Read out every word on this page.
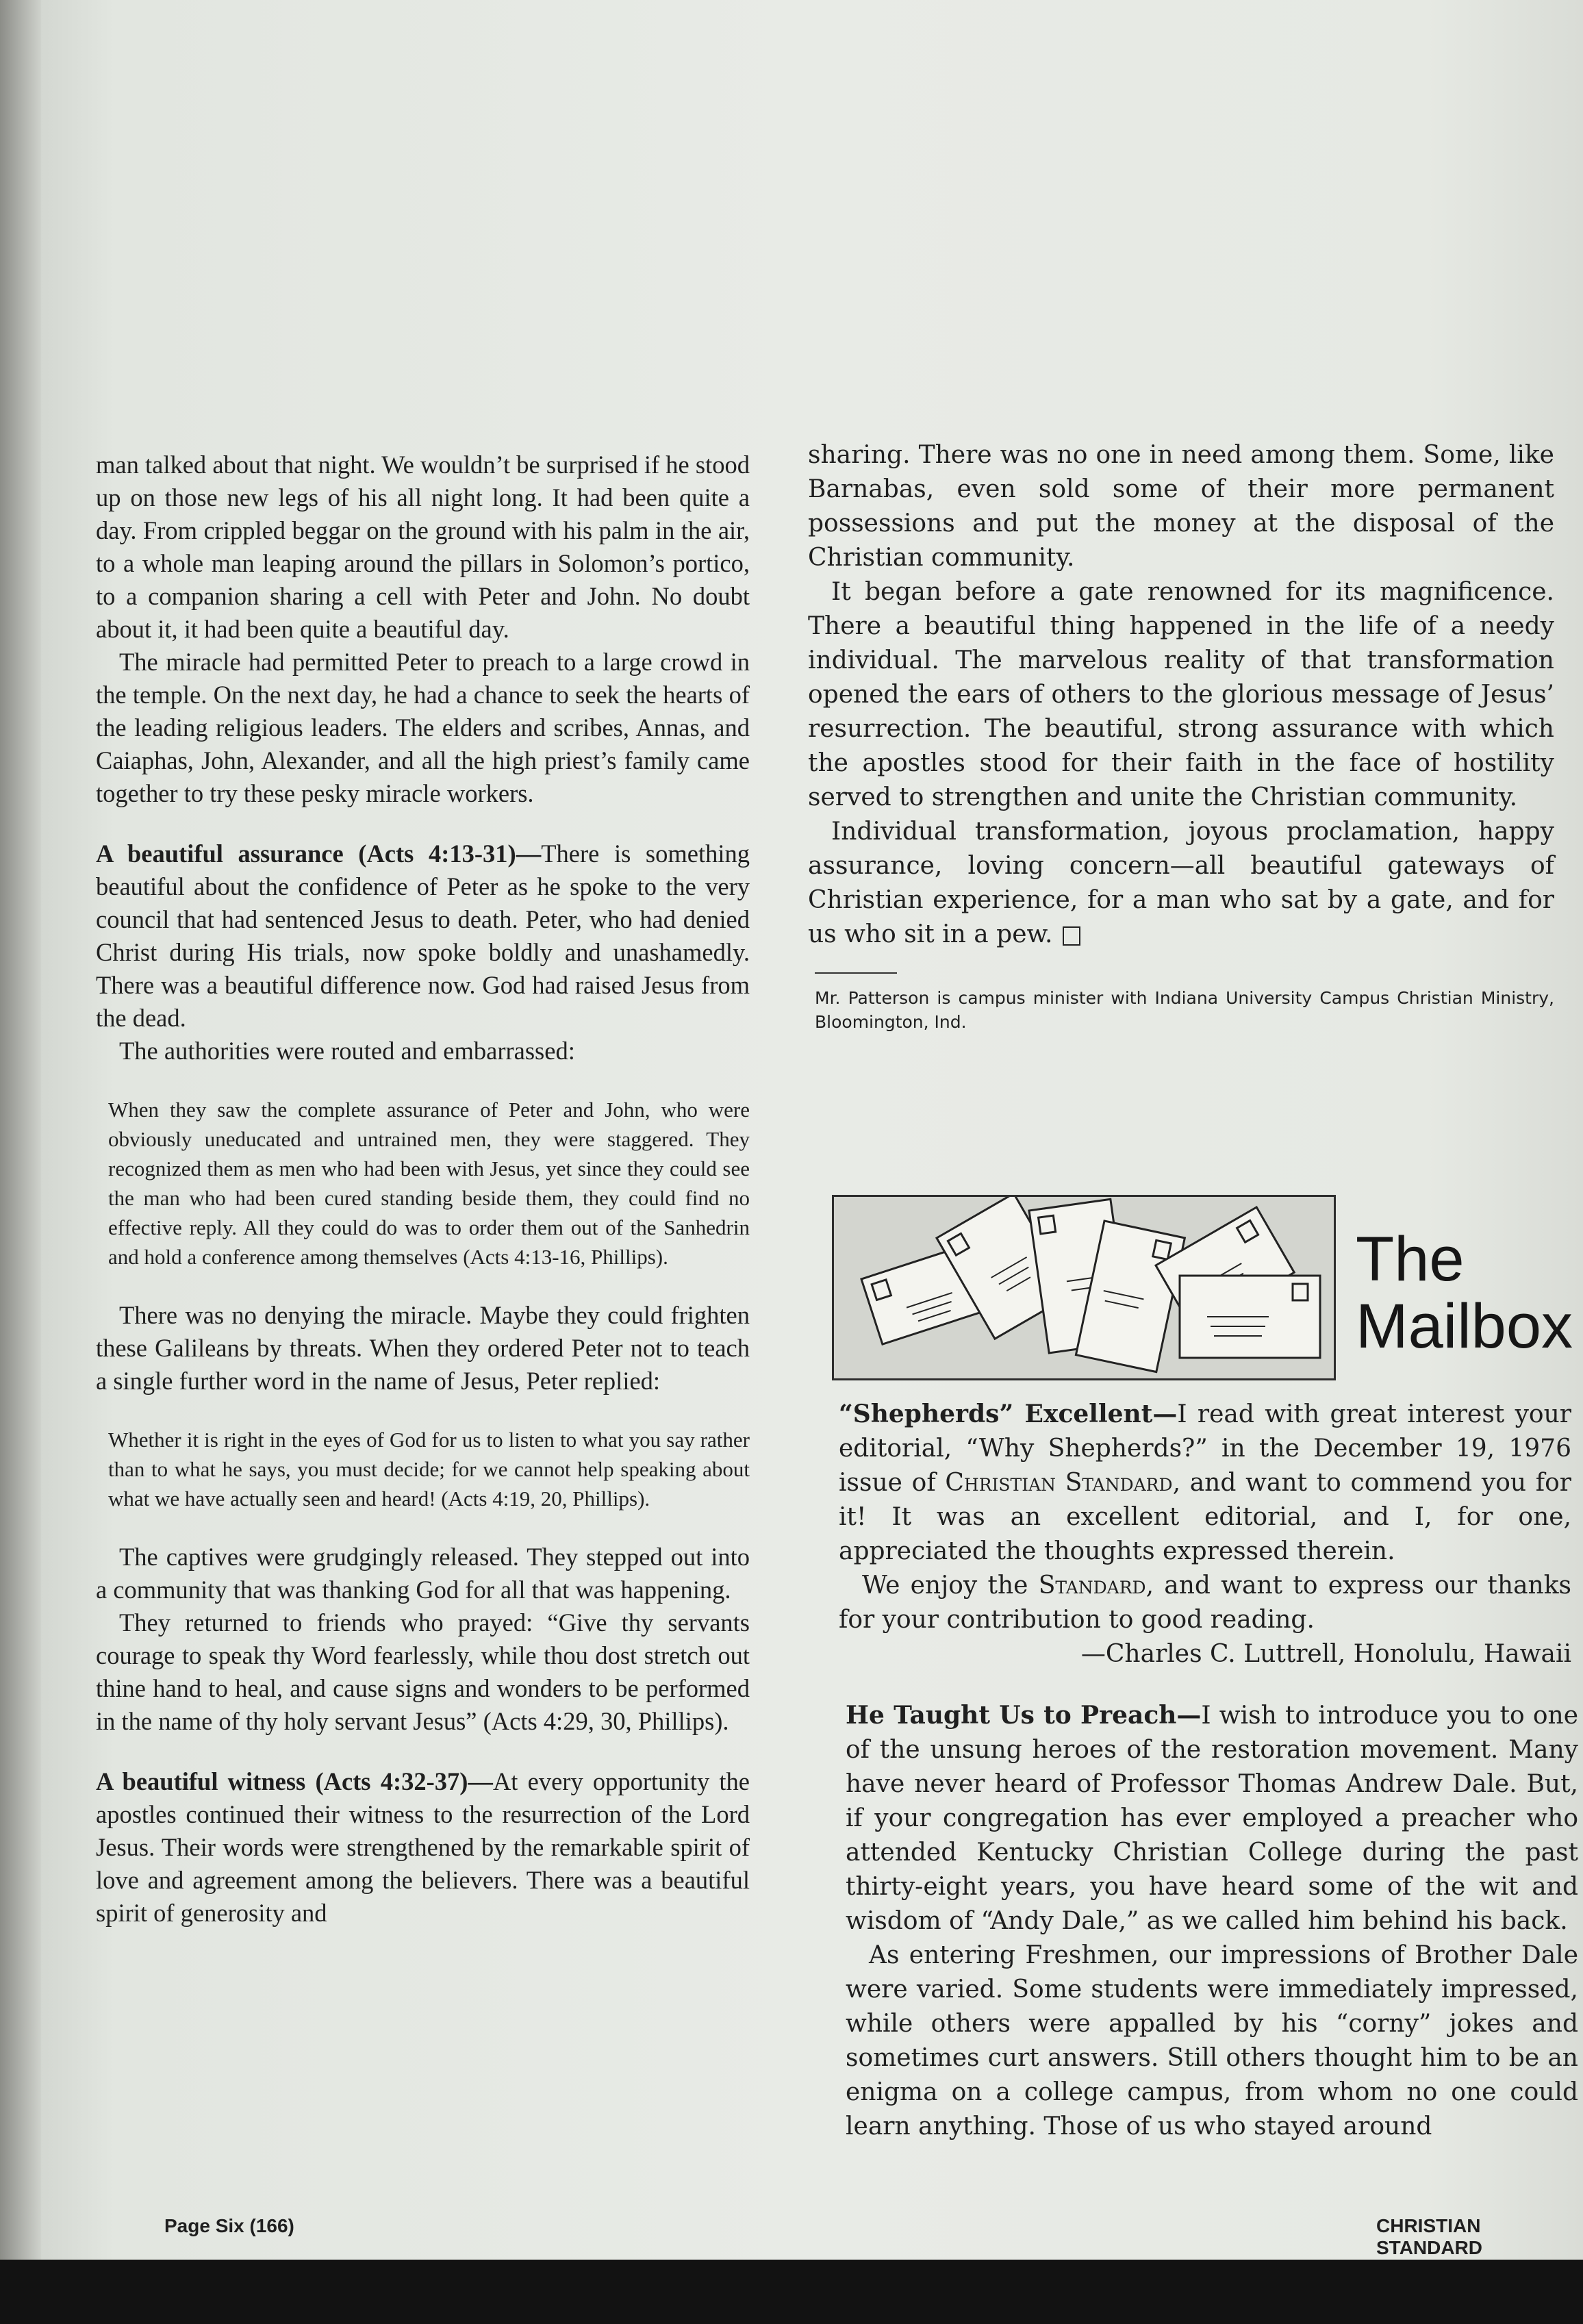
man talked about that night. We wouldn’t be surprised if he stood up on those new legs of his all night long. It had been quite a day. From crippled beggar on the ground with his palm in the air, to a whole man leaping around the pillars in Solomon’s portico, to a companion sharing a cell with Peter and John. No doubt about it, it had been quite a beautiful day.

The miracle had permitted Peter to preach to a large crowd in the temple. On the next day, he had a chance to seek the hearts of the leading religious leaders. The elders and scribes, Annas, and Caiaphas, John, Alexander, and all the high priest’s family came together to try these pesky miracle workers.

A beautiful assurance (Acts 4:13-31)—There is something beautiful about the confidence of Peter as he spoke to the very council that had sentenced Jesus to death. Peter, who had denied Christ during His trials, now spoke boldly and unashamedly. There was a beautiful difference now. God had raised Jesus from the dead.

The authorities were routed and embarrassed:

When they saw the complete assurance of Peter and John, who were obviously uneducated and untrained men, they were staggered. They recognized them as men who had been with Jesus, yet since they could see the man who had been cured standing beside them, they could find no effective reply. All they could do was to order them out of the Sanhedrin and hold a conference among themselves (Acts 4:13-16, Phillips).

There was no denying the miracle. Maybe they could frighten these Galileans by threats. When they ordered Peter not to teach a single further word in the name of Jesus, Peter replied:

Whether it is right in the eyes of God for us to listen to what you say rather than to what he says, you must decide; for we cannot help speaking about what we have actually seen and heard! (Acts 4:19, 20, Phillips).

The captives were grudgingly released. They stepped out into a community that was thanking God for all that was happening.

They returned to friends who prayed: “Give thy servants courage to speak thy Word fearlessly, while thou dost stretch out thine hand to heal, and cause signs and wonders to be performed in the name of thy holy servant Jesus” (Acts 4:29, 30, Phillips).

A beautiful witness (Acts 4:32-37)—At every opportunity the apostles continued their witness to the resurrection of the Lord Jesus. Their words were strengthened by the remarkable spirit of love and agreement among the believers. There was a beautiful spirit of generosity and

sharing. There was no one in need among them. Some, like Barnabas, even sold some of their more permanent possessions and put the money at the disposal of the Christian community.

It began before a gate renowned for its magnificence. There a beautiful thing happened in the life of a needy individual. The marvelous reality of that transformation opened the ears of others to the glorious message of Jesus’ resurrection. The beautiful, strong assurance with which the apostles stood for their faith in the face of hostility served to strengthen and unite the Christian community.

Individual transformation, joyous proclamation, happy assurance, loving concern—all beautiful gateways of Christian experience, for a man who sat by a gate, and for us who sit in a pew.

Mr. Patterson is campus minister with Indiana University Campus Christian Ministry, Bloomington, Ind.

The
Mailbox

“Shepherds” Excellent—I read with great interest your editorial, “Why Shepherds?” in the December 19, 1976 issue of Christian Standard, and want to commend you for it! It was an excellent editorial, and I, for one, appreciated the thoughts expressed therein.

We enjoy the Standard, and want to express our thanks for your contribution to good reading.

—Charles C. Luttrell, Honolulu, Hawaii

He Taught Us to Preach—I wish to introduce you to one of the unsung heroes of the restoration movement. Many have never heard of Professor Thomas Andrew Dale. But, if your congregation has ever employed a preacher who attended Kentucky Christian College during the past thirty-eight years, you have heard some of the wit and wisdom of “Andy Dale,” as we called him behind his back.

As entering Freshmen, our impressions of Brother Dale were varied. Some students were immediately impressed, while others were appalled by his “corny” jokes and sometimes curt answers. Still others thought him to be an enigma on a college campus, from whom no one could learn anything. Those of us who stayed around

Page Six (166)	CHRISTIAN STANDARD
